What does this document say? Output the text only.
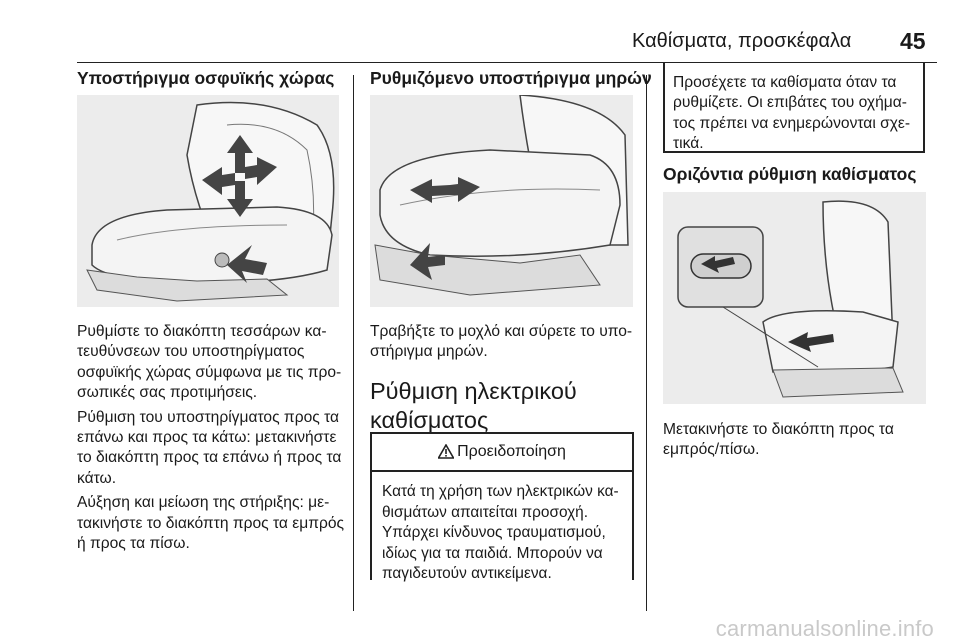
Καθίσματα, προσκέφαλα 45
Υποστήριγμα οσφυϊκής χώρας

Ρυθμίστε το διακόπτη τεσσάρων κα-τευθύνσεων του υποστηρίγματος οσφυϊκής χώρας σύμφωνα με τις προ-σωπικές σας προτιμήσεις.

Ρύθμιση του υποστηρίγματος προς τα επάνω και προς τα κάτω: μετακινήστε το διακόπτη προς τα επάνω ή προς τα κάτω.

Αύξηση και μείωση της στήριξης: με-τακινήστε το διακόπτη προς τα εμπρός ή προς τα πίσω.

Ρυθμιζόμενο υποστήριγμα μηρών
Τραβήξτε το μοχλό και σύρετε το υπο-στήριγμα μηρών.
Ρύθμιση ηλεκτρικού καθίσματος
Προειδοποίηση
Κατά τη χρήση των ηλεκτρικών κα-θισμάτων απαιτείται προσοχή. Υπάρχει κίνδυνος τραυματισμού, ιδίως για τα παιδιά. Μπορούν να παγιδευτούν αντικείμενα.
Προσέχετε τα καθίσματα όταν τα ρυθμίζετε. Οι επιβάτες του οχήμα-τος πρέπει να ενημερώνονται σχε-τικά.
Οριζόντια ρύθμιση καθίσματος
Μετακινήστε το διακόπτη προς τα εμπρός/πίσω.
carmanualsonline.info
